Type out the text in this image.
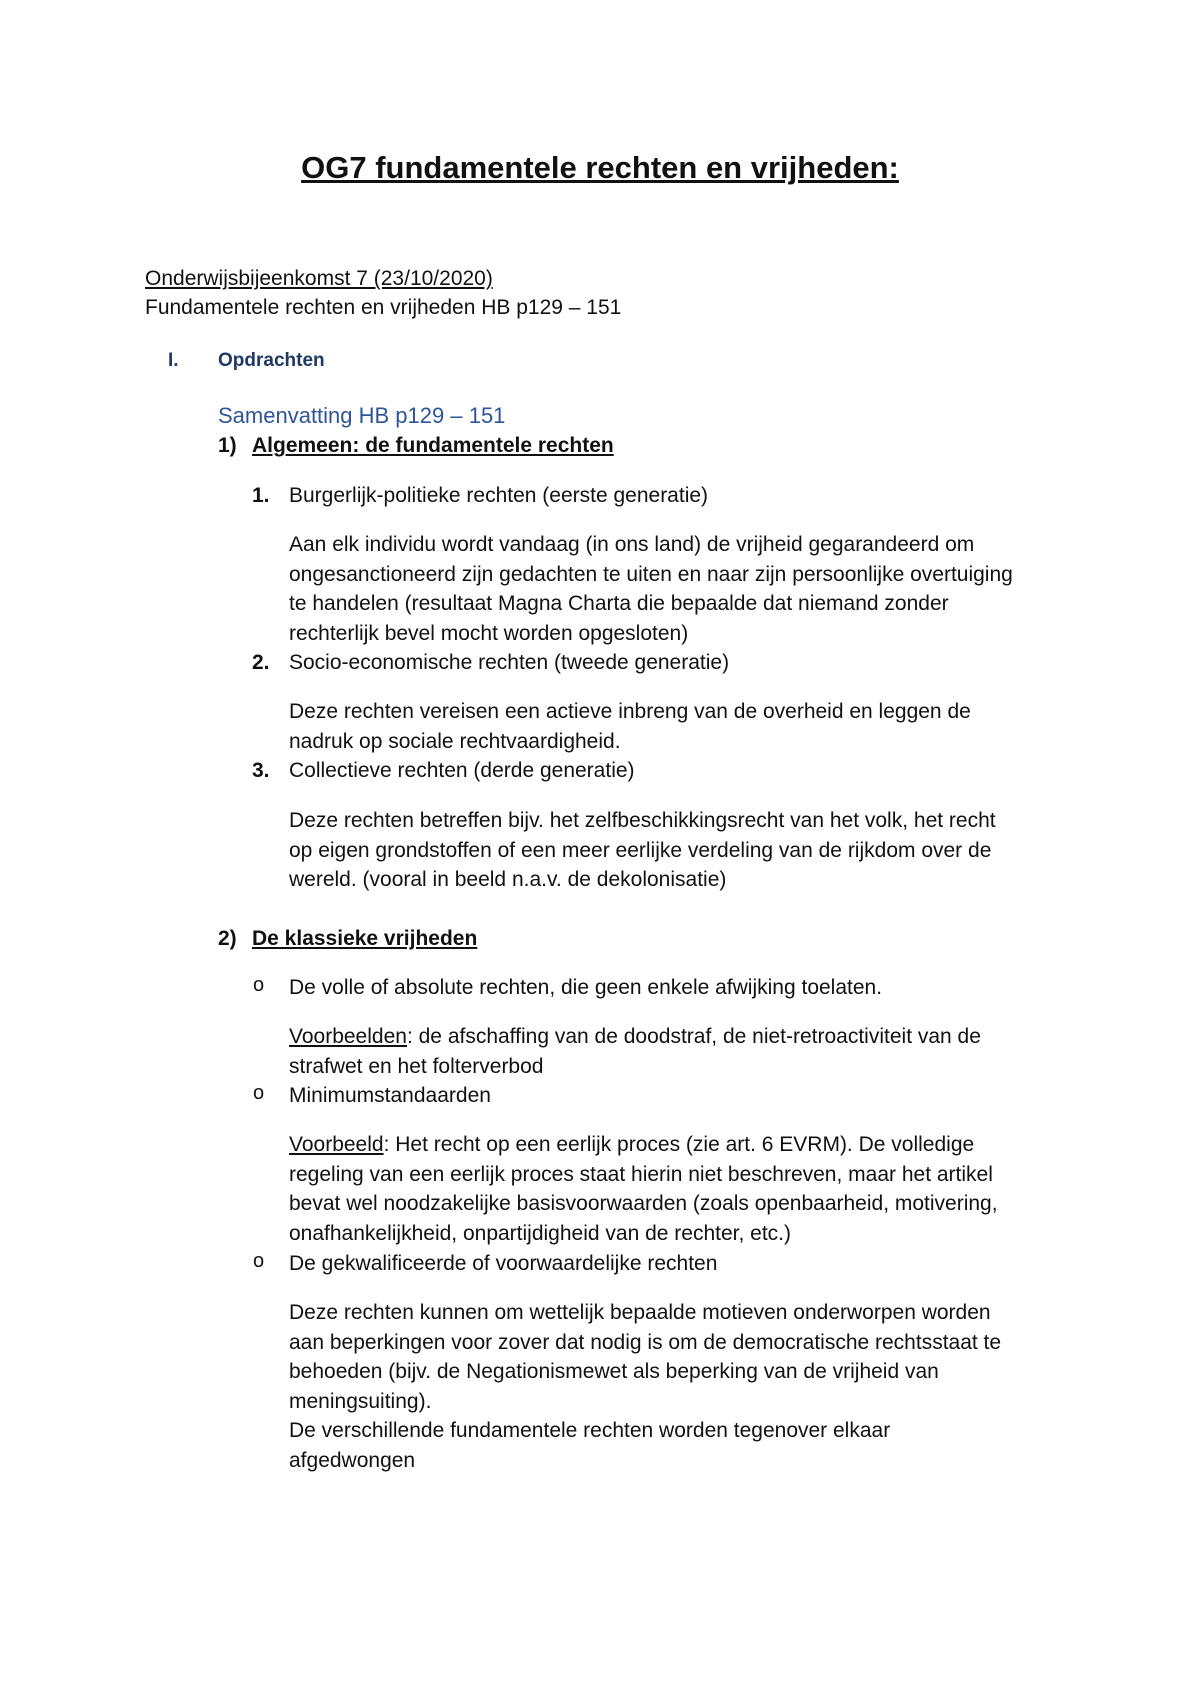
OG7 fundamentele rechten en vrijheden:
Onderwijsbijeenkomst 7 (23/10/2020)
Fundamentele rechten en vrijheden HB p129 – 151
I. Opdrachten
Samenvatting HB p129 – 151
1) Algemeen: de fundamentele rechten
1. Burgerlijk-politieke rechten (eerste generatie)
Aan elk individu wordt vandaag (in ons land) de vrijheid gegarandeerd om
ongesanctioneerd zijn gedachten te uiten en naar zijn persoonlijke overtuiging
te handelen (resultaat Magna Charta die bepaalde dat niemand zonder
rechterlijk bevel mocht worden opgesloten)
2. Socio-economische rechten (tweede generatie)
Deze rechten vereisen een actieve inbreng van de overheid en leggen de
nadruk op sociale rechtvaardigheid.
3. Collectieve rechten (derde generatie)
Deze rechten betreffen bijv. het zelfbeschikkingsrecht van het volk, het recht
op eigen grondstoffen of een meer eerlijke verdeling van de rijkdom over de
wereld. (vooral in beeld n.a.v. de dekolonisatie)
2) De klassieke vrijheden
o De volle of absolute rechten, die geen enkele afwijking toelaten.
Voorbeelden: de afschaffing van de doodstraf, de niet-retroactiviteit van de
strafwet en het folterverbod
o Minimumstandaarden
Voorbeeld: Het recht op een eerlijk proces (zie art. 6 EVRM). De volledige
regeling van een eerlijk proces staat hierin niet beschreven, maar het artikel
bevat wel noodzakelijke basisvoorwaarden (zoals openbaarheid, motivering,
onafhankelijkheid, onpartijdigheid van de rechter, etc.)
o De gekwalificeerde of voorwaardelijke rechten
Deze rechten kunnen om wettelijk bepaalde motieven onderworpen worden
aan beperkingen voor zover dat nodig is om de democratische rechtsstaat te
behoeden (bijv. de Negationismewet als beperking van de vrijheid van
meningsuiting).
De verschillende fundamentele rechten worden tegenover elkaar
afgedwongen
